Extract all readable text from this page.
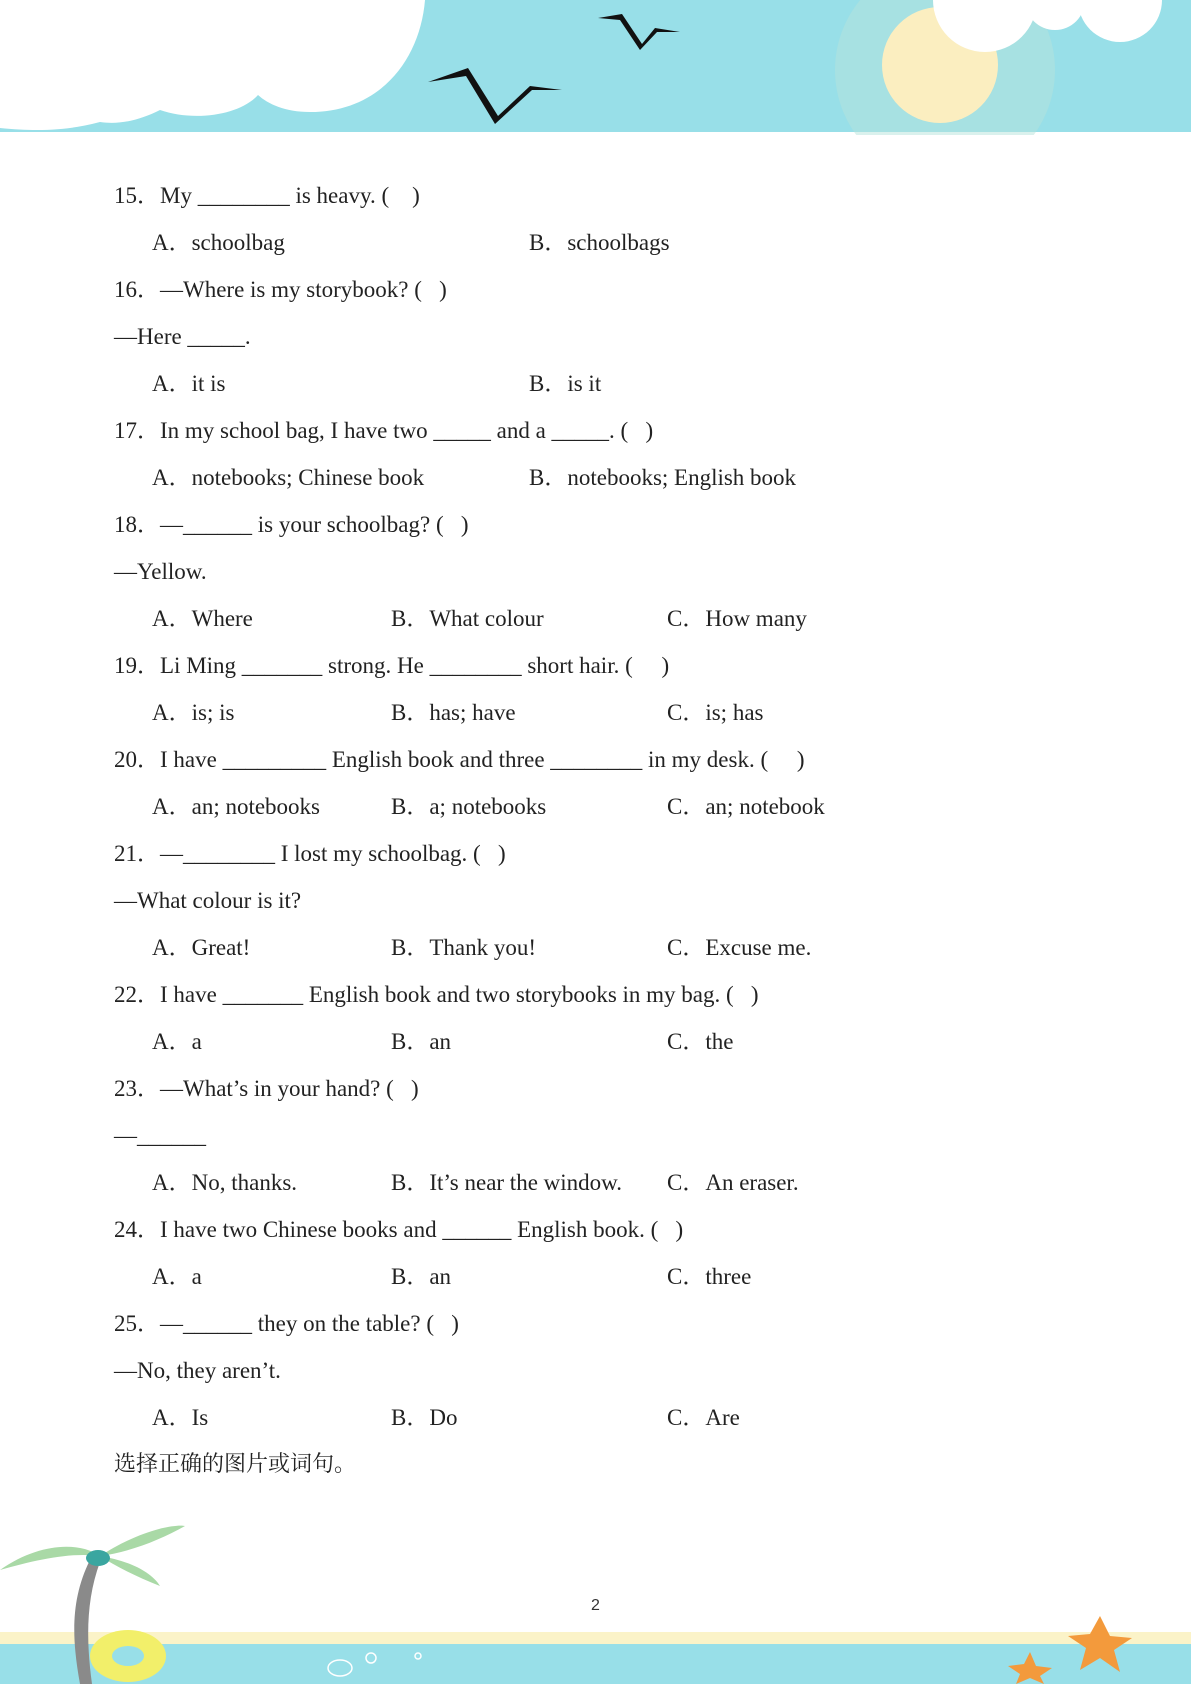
15．My ________ is heavy. (    )
A．schoolbag	B．schoolbags
16．—Where is my storybook? (   )
—Here _____.
A．it is	B．is it
17．In my school bag, I have two _____ and a _____. (   )
A．notebooks; Chinese book	B．notebooks; English book
18．—______ is your schoolbag? (   )
—Yellow.
A．Where	B．What colour	C．How many
19．Li Ming _______ strong. He ________ short hair. (     )
A．is; is	B．has; have	C．is; has
20．I have _________ English book and three ________ in my desk. (     )
A．an; notebooks	B．a; notebooks	C．an; notebook
21．—________ I lost my schoolbag. (   )
—What colour is it?
A．Great!	B．Thank you!	C．Excuse me.
22．I have _______ English book and two storybooks in my bag. (   )
A．a	B．an	C．the
23．—What’s in your hand? (   )
—______
A．No, thanks.	B．It’s near the window. C．An eraser.
24．I have two Chinese books and ______ English book. (   )
A．a	B．an	C．three
25．—______ they on the table? (   )
—No, they aren’t.
A．Is	B．Do	C．Are
选择正确的图片或词句。
2
